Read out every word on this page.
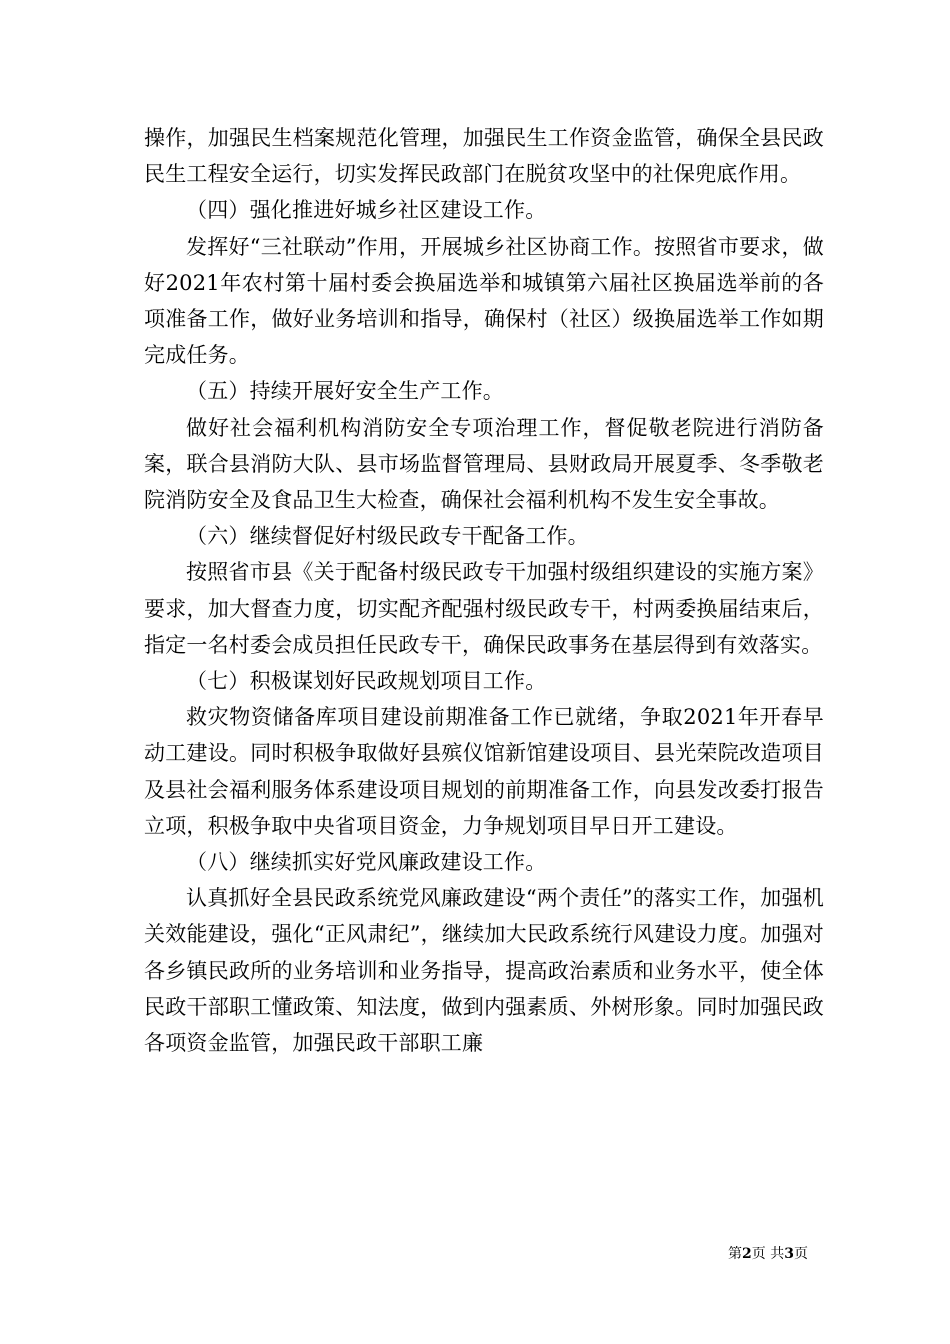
操作，加强民生档案规范化管理，加强民生工作资金监管，确保全县民政民生工程安全运行，切实发挥民政部门在脱贫攻坚中的社保兜底作用。

（四）强化推进好城乡社区建设工作。

发挥好“三社联动”作用，开展城乡社区协商工作。按照省市要求，做好2021年农村第十届村委会换届选举和城镇第六届社区换届选举前的各项准备工作，做好业务培训和指导，确保村（社区）级换届选举工作如期完成任务。

（五）持续开展好安全生产工作。

做好社会福利机构消防安全专项治理工作，督促敬老院进行消防备案，联合县消防大队、县市场监督管理局、县财政局开展夏季、冬季敬老院消防安全及食品卫生大检查，确保社会福利机构不发生安全事故。

（六）继续督促好村级民政专干配备工作。

按照省市县《关于配备村级民政专干加强村级组织建设的实施方案》要求，加大督查力度，切实配齐配强村级民政专干，村两委换届结束后，指定一名村委会成员担任民政专干，确保民政事务在基层得到有效落实。

（七）积极谋划好民政规划项目工作。

救灾物资储备库项目建设前期准备工作已就绪，争取2021年开春早动工建设。同时积极争取做好县殡仪馆新馆建设项目、县光荣院改造项目及县社会福利服务体系建设项目规划的前期准备工作，向县发改委打报告立项，积极争取中央省项目资金，力争规划项目早日开工建设。

（八）继续抓实好党风廉政建设工作。

认真抓好全县民政系统党风廉政建设“两个责任”的落实工作，加强机关效能建设，强化“正风肃纪”，继续加大民政系统行风建设力度。加强对各乡镇民政所的业务培训和业务指导，提高政治素质和业务水平，使全体民政干部职工懂政策、知法度，做到内强素质、外树形象。同时加强民政各项资金监管，加强民政干部职工廉

第2页 共3页
